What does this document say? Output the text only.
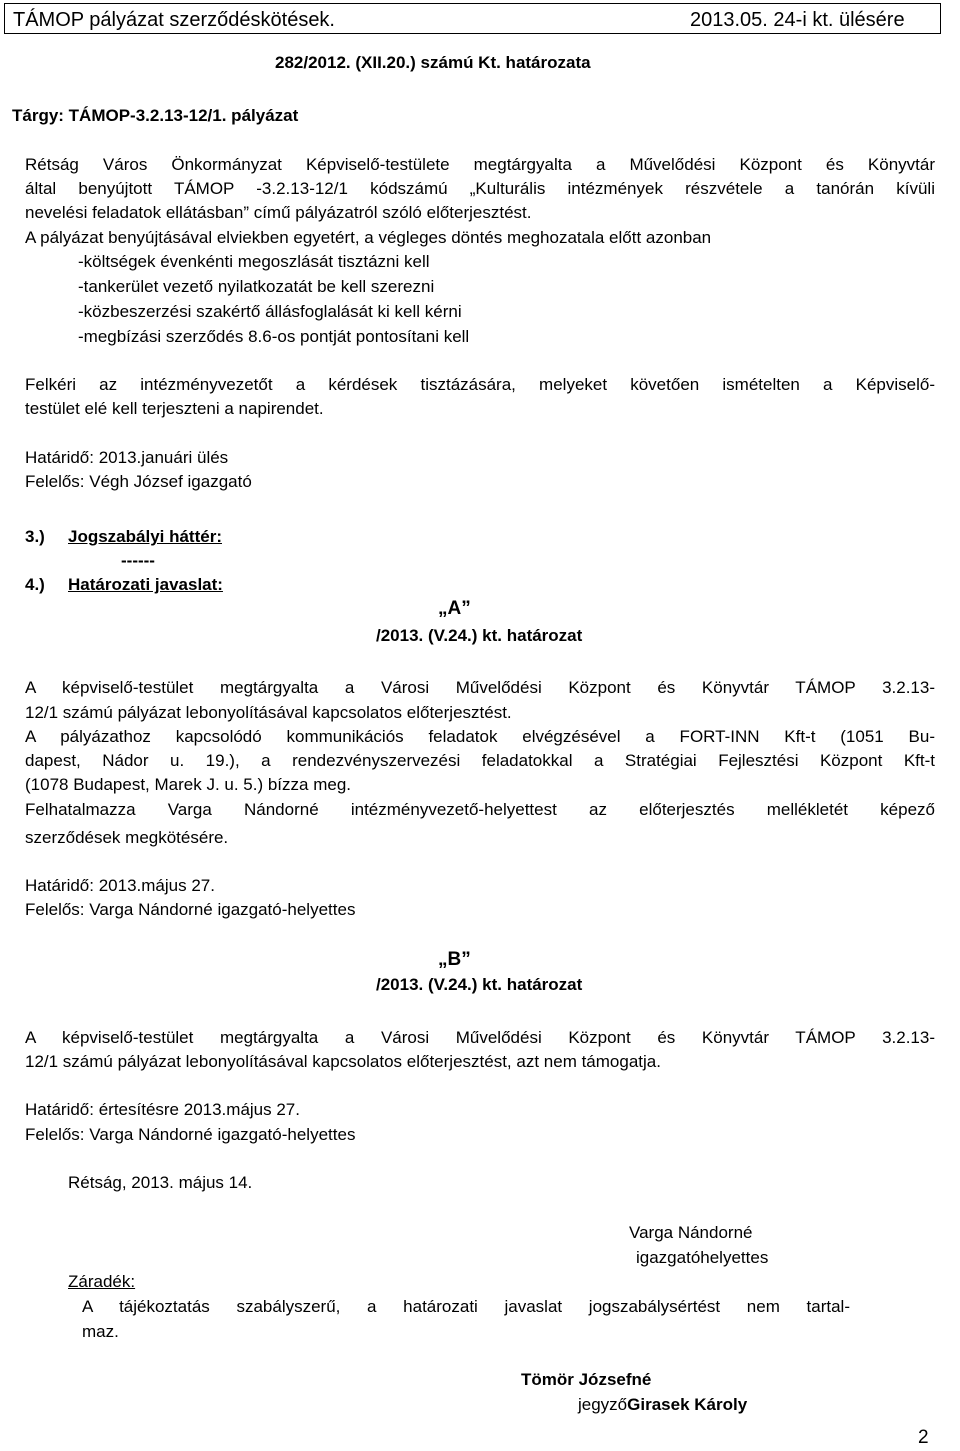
TÁMOP pályázat szerződéskötések.	2013.05. 24-i kt. ülésére
282/2012. (XII.20.) számú Kt. határozata
Tárgy: TÁMOP-3.2.13-12/1. pályázat
Rétság Város Önkormányzat Képviselő-testülete megtárgyalta a Művelődési Központ és Könyvtár
által benyújtott TÁMOP -3.2.13-12/1 kódszámú „Kulturális intézmények részvétele a tanórán kívüli
nevelési feladatok ellátásban” című pályázatról szóló előterjesztést.
A pályázat benyújtásával elviekben egyetért, a végleges döntés meghozatala előtt azonban
-költségek évenkénti megoszlását tisztázni kell
-tankerület vezető nyilatkozatát be kell szerezni
-közbeszerzési szakértő állásfoglalását ki kell kérni
-megbízási szerződés 8.6-os pontját pontosítani kell
Felkéri az intézményvezetőt a kérdések tisztázására, melyeket követően ismételten a Képviselő-
testület elé kell terjeszteni a napirendet.
Határidő: 2013.januári ülés
Felelős: Végh József igazgató
3.) Jogszabályi háttér:
------
4.) Határozati javaslat:
„A”
/2013. (V.24.) kt. határozat
A képviselő-testület megtárgyalta a Városi Művelődési Központ és Könyvtár TÁMOP 3.2.13-
12/1 számú pályázat lebonyolításával kapcsolatos előterjesztést.
A pályázathoz kapcsolódó kommunikációs feladatok elvégzésével a FORT-INN Kft-t (1051 Bu-
dapest, Nádor u. 19.), a rendezvényszervezési feladatokkal a Stratégiai Fejlesztési Központ Kft-t
(1078 Budapest, Marek J. u. 5.) bízza meg.
Felhatalmazza Varga Nándorné intézményvezető-helyettest az előterjesztés mellékletét képező
szerződések megkötésére.
Határidő: 2013.május 27.
Felelős: Varga Nándorné igazgató-helyettes
„B”
/2013. (V.24.) kt. határozat
A képviselő-testület megtárgyalta a Városi Művelődési Központ és Könyvtár TÁMOP 3.2.13-
12/1 számú pályázat lebonyolításával kapcsolatos előterjesztést, azt nem támogatja.
Határidő: értesítésre 2013.május 27.
Felelős: Varga Nándorné igazgató-helyettes
Rétság, 2013. május 14.
Varga Nándorné
igazgatóhelyettes
Záradék:
A tájékoztatás szabályszerű, a határozati javaslat jogszabálysértést nem tartal-
maz.
Tömör Józsefné
jegyzőGirasek Károly
2
